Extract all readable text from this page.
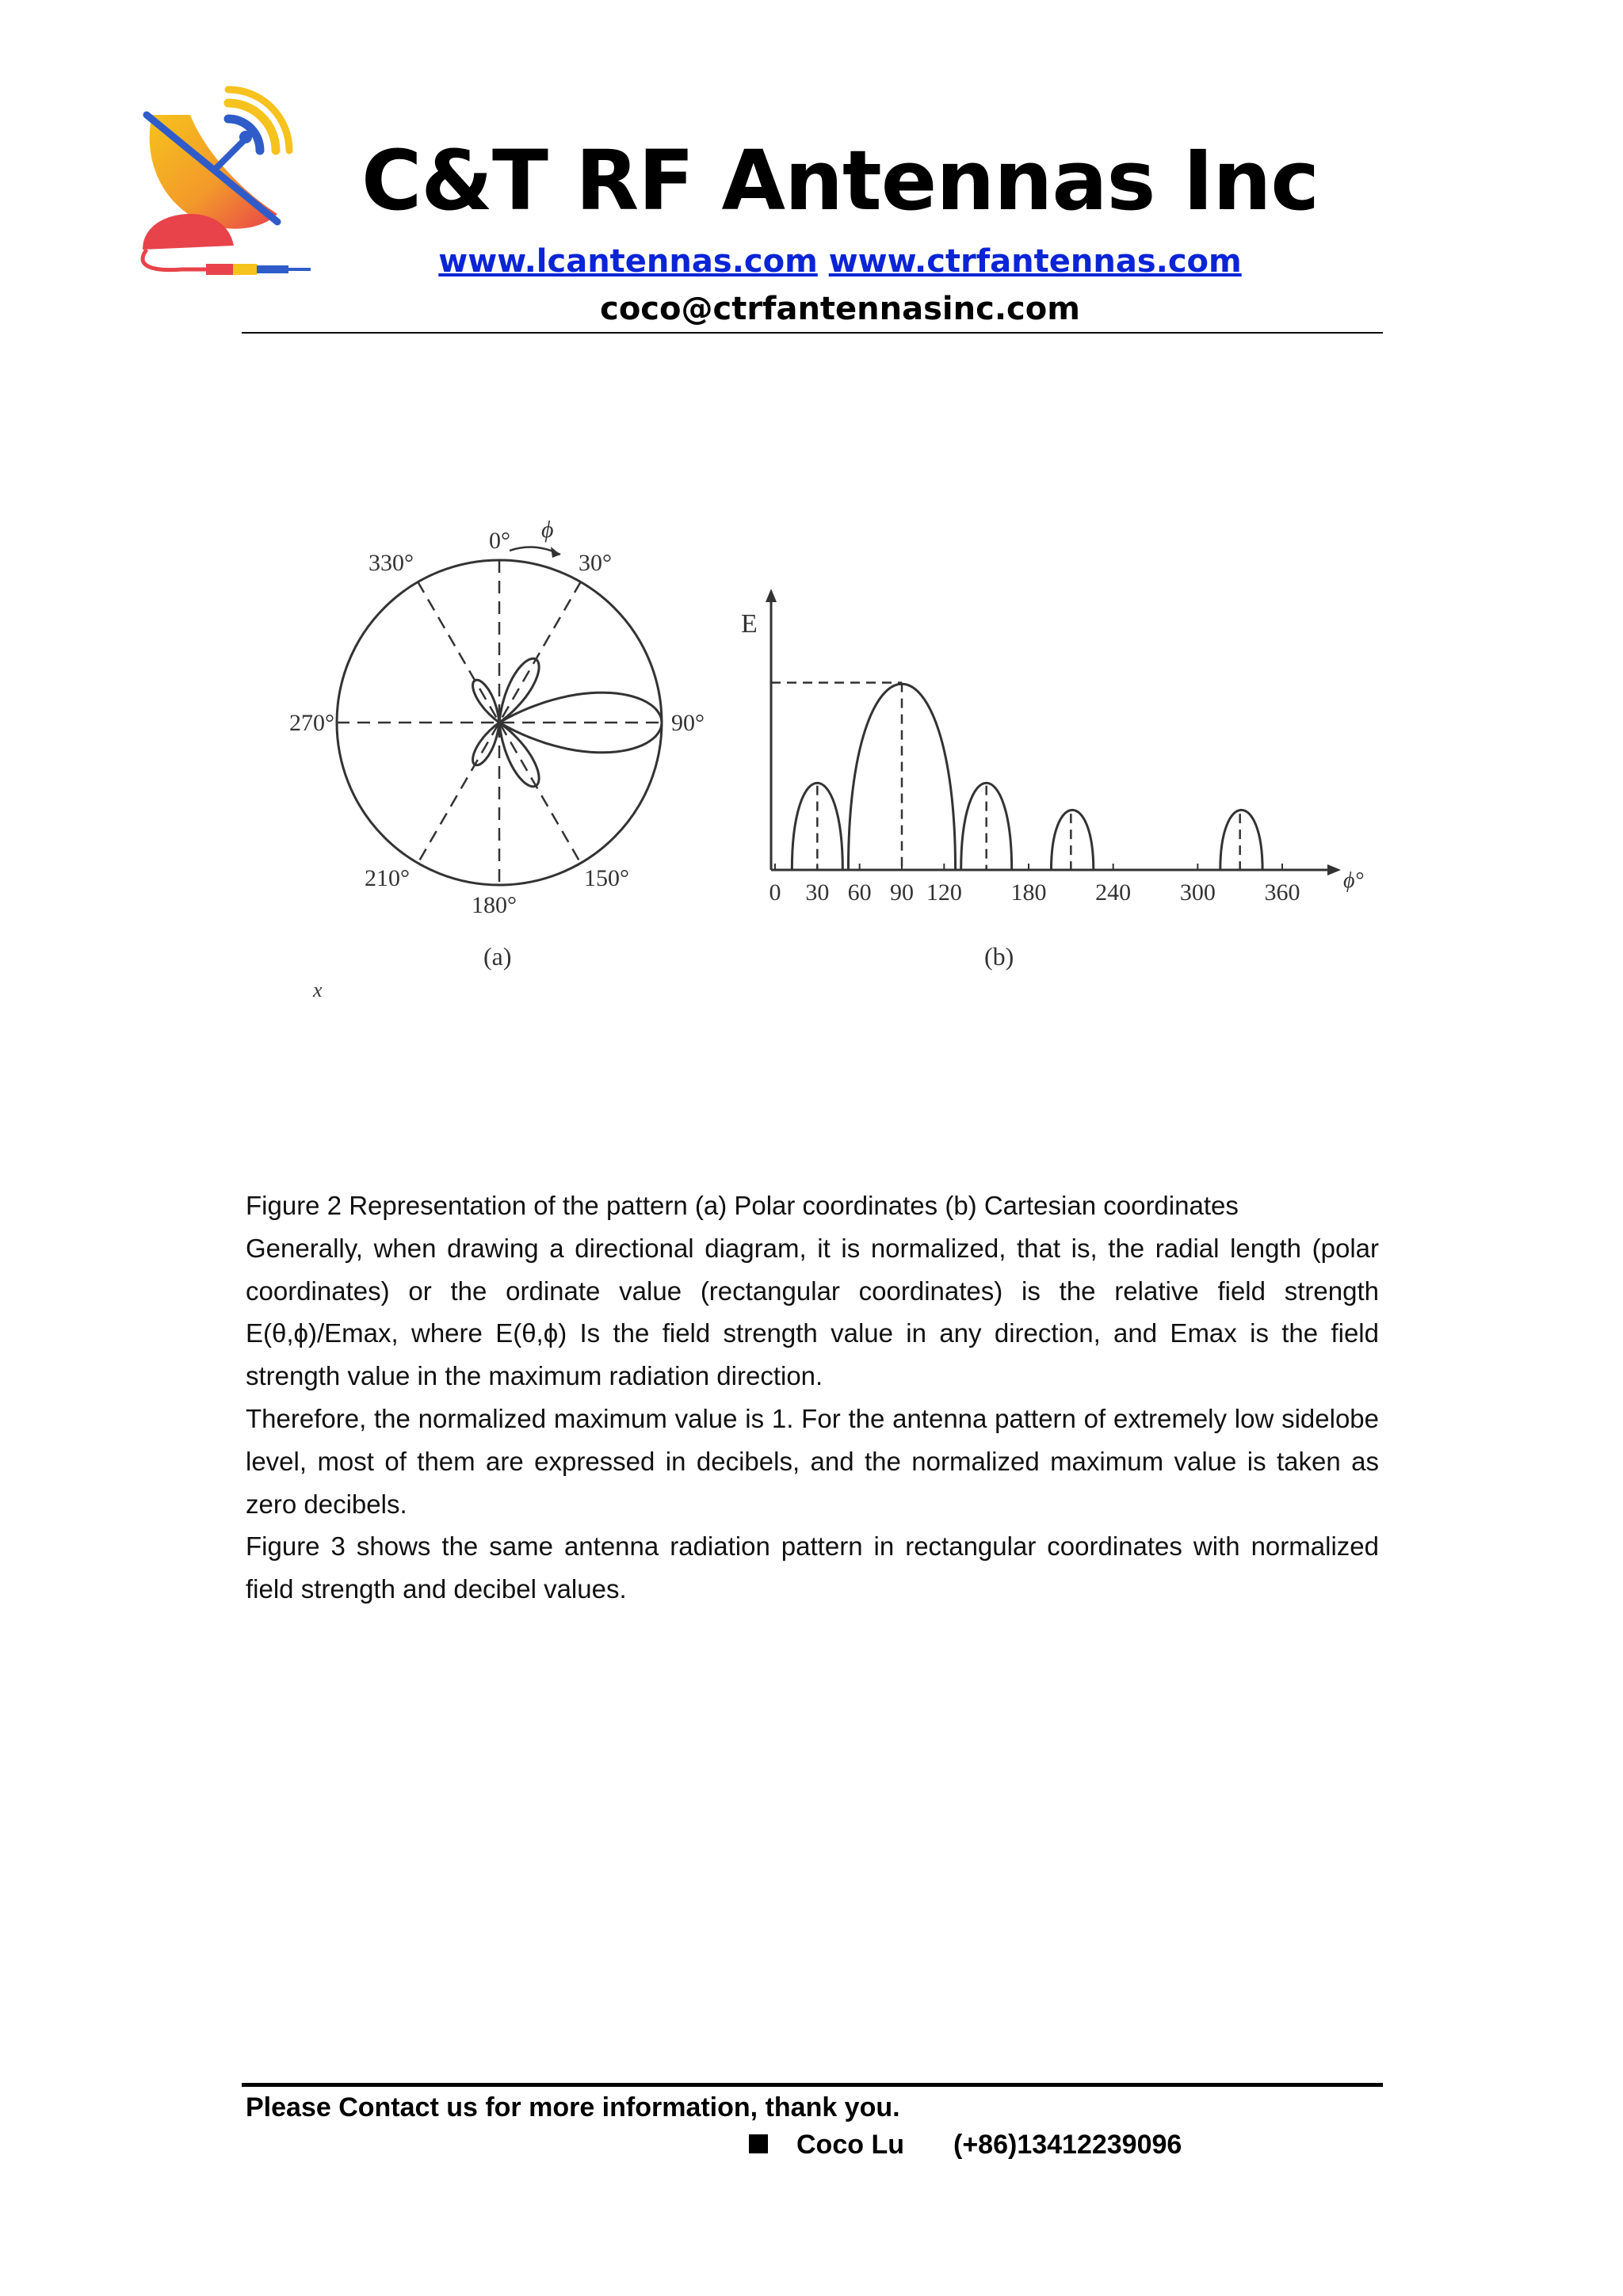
C&T RF Antennas Inc
www.lcantennas.com www.ctrfantennas.com
coco@ctrfantennasinc.com
0° ϕ
30°
90°
150°
180°
210°
270°
330°
(a)
x
0 30 60 90 120 180 240 300 360
E
ϕ°
(b)

Figure 2 Representation of the pattern (a) Polar coordinates (b) Cartesian coordinates

Generally, when drawing a directional diagram, it is normalized, that is, the radial length (polar coordinates) or the ordinate value (rectangular coordinates) is the relative field strength E(θ,ϕ)/Emax, where E(θ,ϕ) Is the field strength value in any direction, and Emax is the field strength value in the maximum radiation direction.

Therefore, the normalized maximum value is 1. For the antenna pattern of extremely low sidelobe level, most of them are expressed in decibels, and the normalized maximum value is taken as zero decibels.

Figure 3 shows the same antenna radiation pattern in rectangular coordinates with normalized field strength and decibel values.

Please Contact us for more information, thank you.
Coco Lu (+86)13412239096
